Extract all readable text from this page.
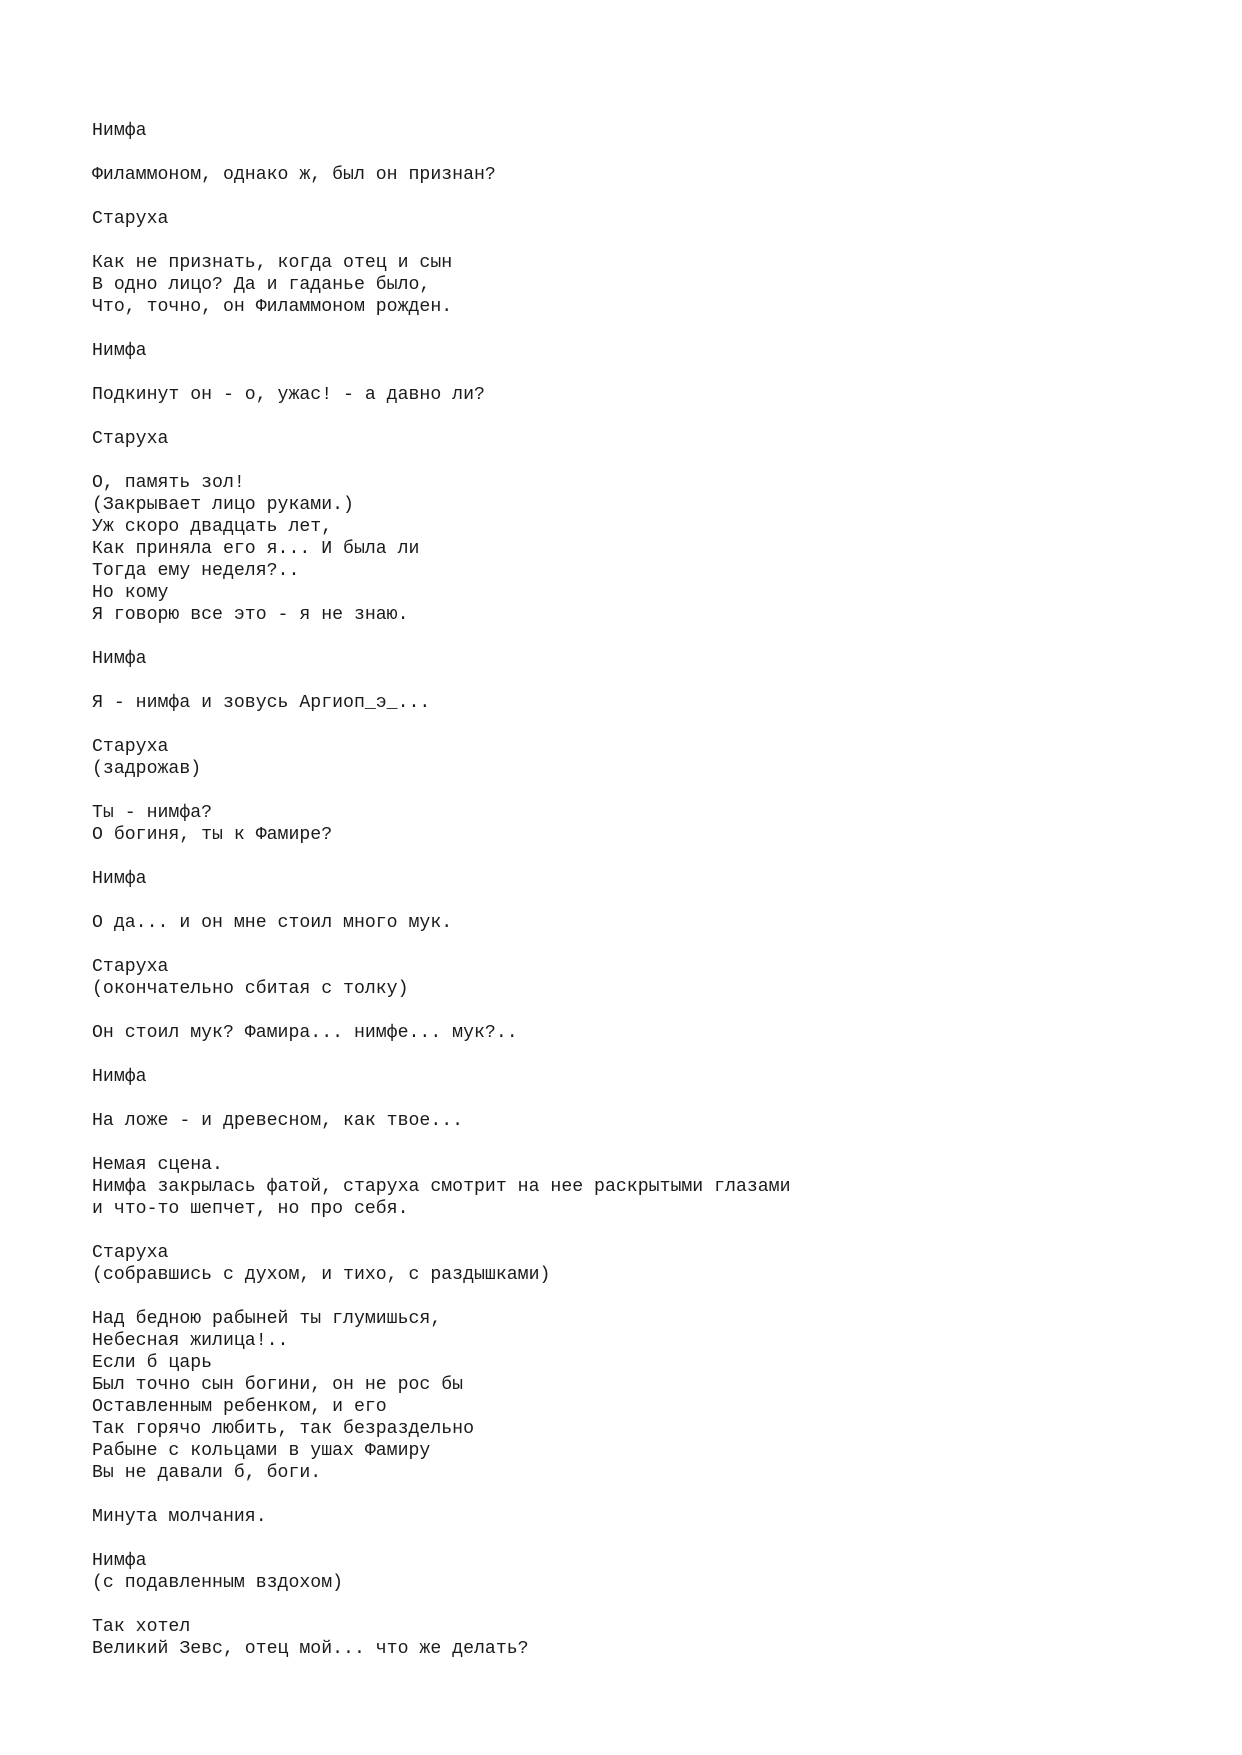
Нимфа
Филаммоном, однако ж, был он признан?
Старуха
Как не признать, когда отец и сын
В одно лицо? Да и гаданье было,
Что, точно, он Филаммоном рожден.
Нимфа
Подкинут он - о, ужас! - а давно ли?
Старуха
О, память зол!
(Закрывает лицо руками.)
Уж скоро двадцать лет,
Как приняла его я... И была ли
Тогда ему неделя?..
Но кому
Я говорю все это - я не знаю.
Нимфа
Я - нимфа и зовусь Аргиоп_э_...
Старуха
(задрожав)
Ты - нимфа?
О богиня, ты к Фамире?
Нимфа
О да... и он мне стоил много мук.
Старуха
(окончательно сбитая с толку)
Он стоил мук? Фамира... нимфе... мук?..
Нимфа
На ложе - и древесном, как твое...
Немая сцена.
Нимфа закрылась фатой, старуха смотрит на нее раскрытыми глазами
и что-то шепчет, но про себя.
Старуха
(собравшись с духом, и тихо, с раздышками)
Над бедною рабыней ты глумишься,
Небесная жилица!..
Если б царь
Был точно сын богини, он не рос бы
Оставленным ребенком, и его
Так горячо любить, так безраздельно
Рабыне с кольцами в ушах Фамиру
Вы не давали б, боги.
Минута молчания.
Нимфа
(с подавленным вздохом)
Так хотел
Великий Зевс, отец мой... что же делать?
